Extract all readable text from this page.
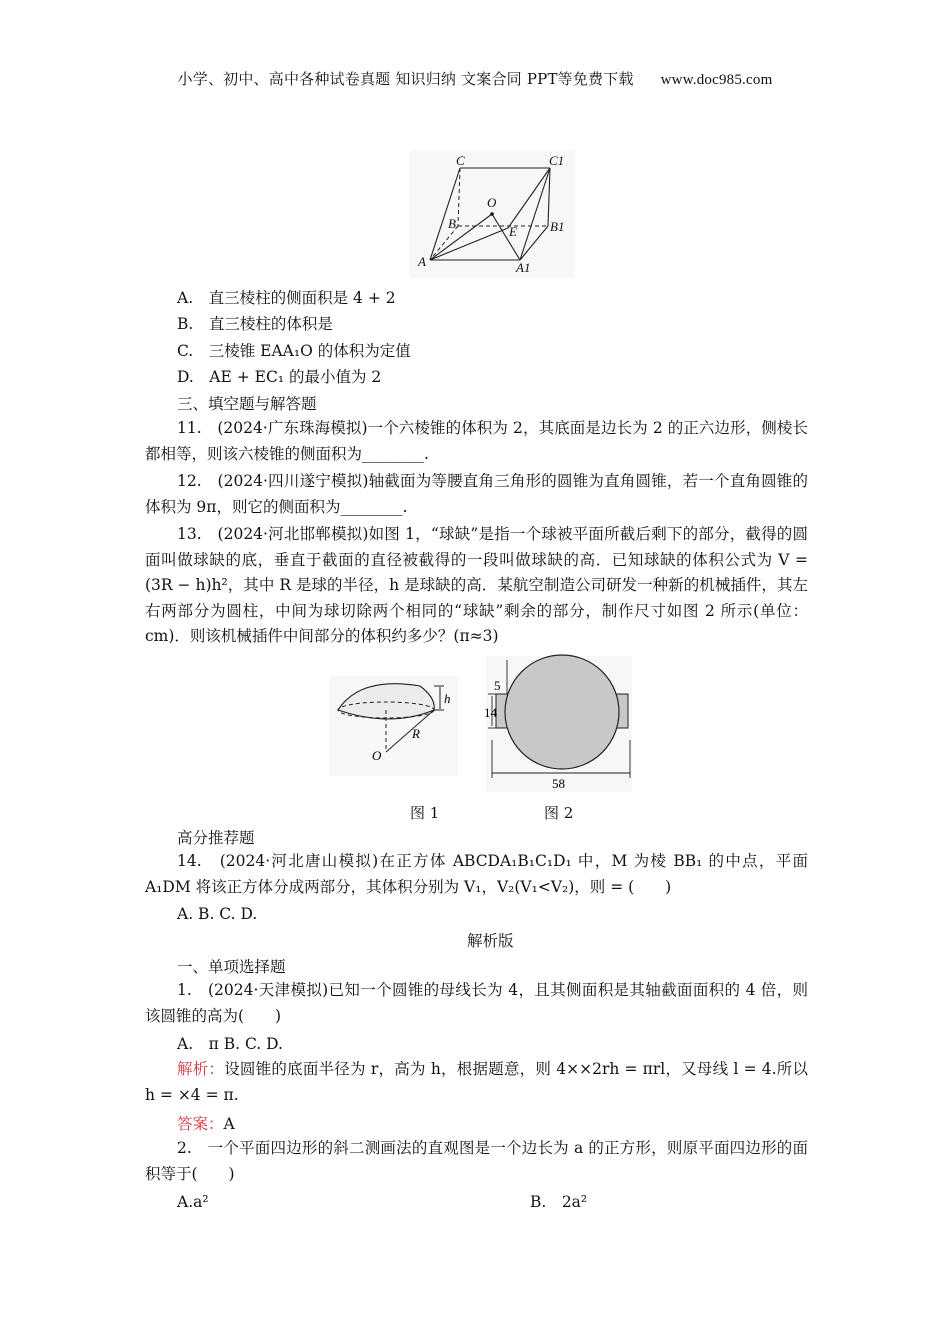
小学、初中、高中各种试卷真题 知识归纳 文案合同 PPT等免费下载 www.doc985.com
C	C1
O
B
E	B1
A	A1
A.　直三棱柱的侧面积是 4 + 2
B.　直三棱柱的体积是
C.　三棱锥 EAA₁O 的体积为定值
D.　AE + EC₁ 的最小值为 2
三、填空题与解答题
11.　(2024·广东珠海模拟)一个六棱锥的体积为 2，其底面是边长为 2 的正六边形，侧棱长都相等，则该六棱锥的侧面积为________.
12.　(2024·四川遂宁模拟)轴截面为等腰直角三角形的圆锥为直角圆锥，若一个直角圆锥的体积为 9π，则它的侧面积为________.
13.　(2024·河北邯郸模拟)如图 1，“球缺”是指一个球被平面所截后剩下的部分，截得的圆面叫做球缺的底，垂直于截面的直径被截得的一段叫做球缺的高．已知球缺的体积公式为 V = (3R − h)h²，其中 R 是球的半径，h 是球缺的高．某航空制造公司研发一种新的机械插件，其左右两部分为圆柱，中间为球切除两个相同的“球缺”剩余的部分，制作尺寸如图 2 所示(单位：cm)．则该机械插件中间部分的体积约多少？(π≈3)
h
R
O
5
14
58
图 1	图 2
高分推荐题
14.　(2024·河北唐山模拟)在正方体 ABCDA₁B₁C₁D₁ 中，M 为棱 BB₁ 的中点，平面 A₁DM 将该正方体分成两部分，其体积分别为 V₁，V₂(V₁<V₂)，则 = (　　)
A. B. C. D.
解析版
一、单项选择题
1.　(2024·天津模拟)已知一个圆锥的母线长为 4，且其侧面积是其轴截面面积的 4 倍，则该圆锥的高为(　　)
A.　π B. C. D.
解析：设圆锥的底面半径为 r，高为 h，根据题意，则 4××2rh = πrl，又母线 l = 4.所以 h = ×4 = π.
答案：A
2.　一个平面四边形的斜二测画法的直观图是一个边长为 a 的正方形，则原平面四边形的面积等于(　　)
A.a²	B.　2a²
